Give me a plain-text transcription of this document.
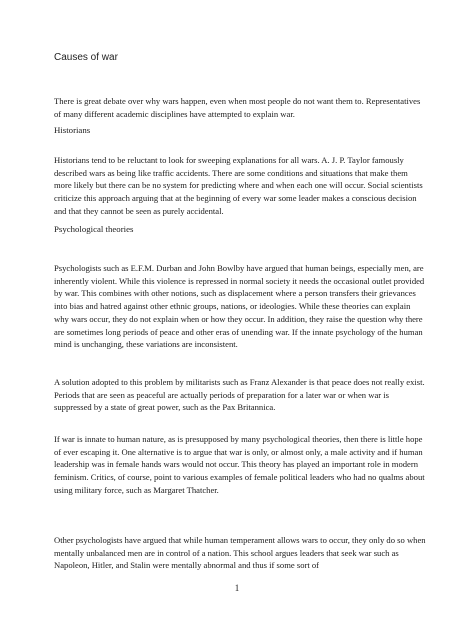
Causes of war

There is great debate over why wars happen, even when most people do not want them to. Representatives of many different academic disciplines have attempted to explain war.

Historians

Historians tend to be reluctant to look for sweeping explanations for all wars. A. J. P. Taylor famously described wars as being like traffic accidents. There are some conditions and situations that make them more likely but there can be no system for predicting where and when each one will occur. Social scientists criticize this approach arguing that at the beginning of every war some leader makes a conscious decision and that they cannot be seen as purely accidental.

Psychological theories

Psychologists such as E.F.M. Durban and John Bowlby have argued that human beings, especially men, are inherently violent. While this violence is repressed in normal society it needs the occasional outlet provided by war. This combines with other notions, such as displacement where a person transfers their grievances into bias and hatred against other ethnic groups, nations, or ideologies. While these theories can explain why wars occur, they do not explain when or how they occur. In addition, they raise the question why there are sometimes long periods of peace and other eras of unending war. If the innate psychology of the human mind is unchanging, these variations are inconsistent.

A solution adopted to this problem by militarists such as Franz Alexander is that peace does not really exist. Periods that are seen as peaceful are actually periods of preparation for a later war or when war is suppressed by a state of great power, such as the Pax Britannica.

If war is innate to human nature, as is presupposed by many psychological theories, then there is little hope of ever escaping it. One alternative is to argue that war is only, or almost only, a male activity and if human leadership was in female hands wars would not occur. This theory has played an important role in modern feminism. Critics, of course, point to various examples of female political leaders who had no qualms about using military force, such as Margaret Thatcher.

Other psychologists have argued that while human temperament allows wars to occur, they only do so when mentally unbalanced men are in control of a nation. This school argues leaders that seek war such as Napoleon, Hitler, and Stalin were mentally abnormal and thus if some sort of

1
